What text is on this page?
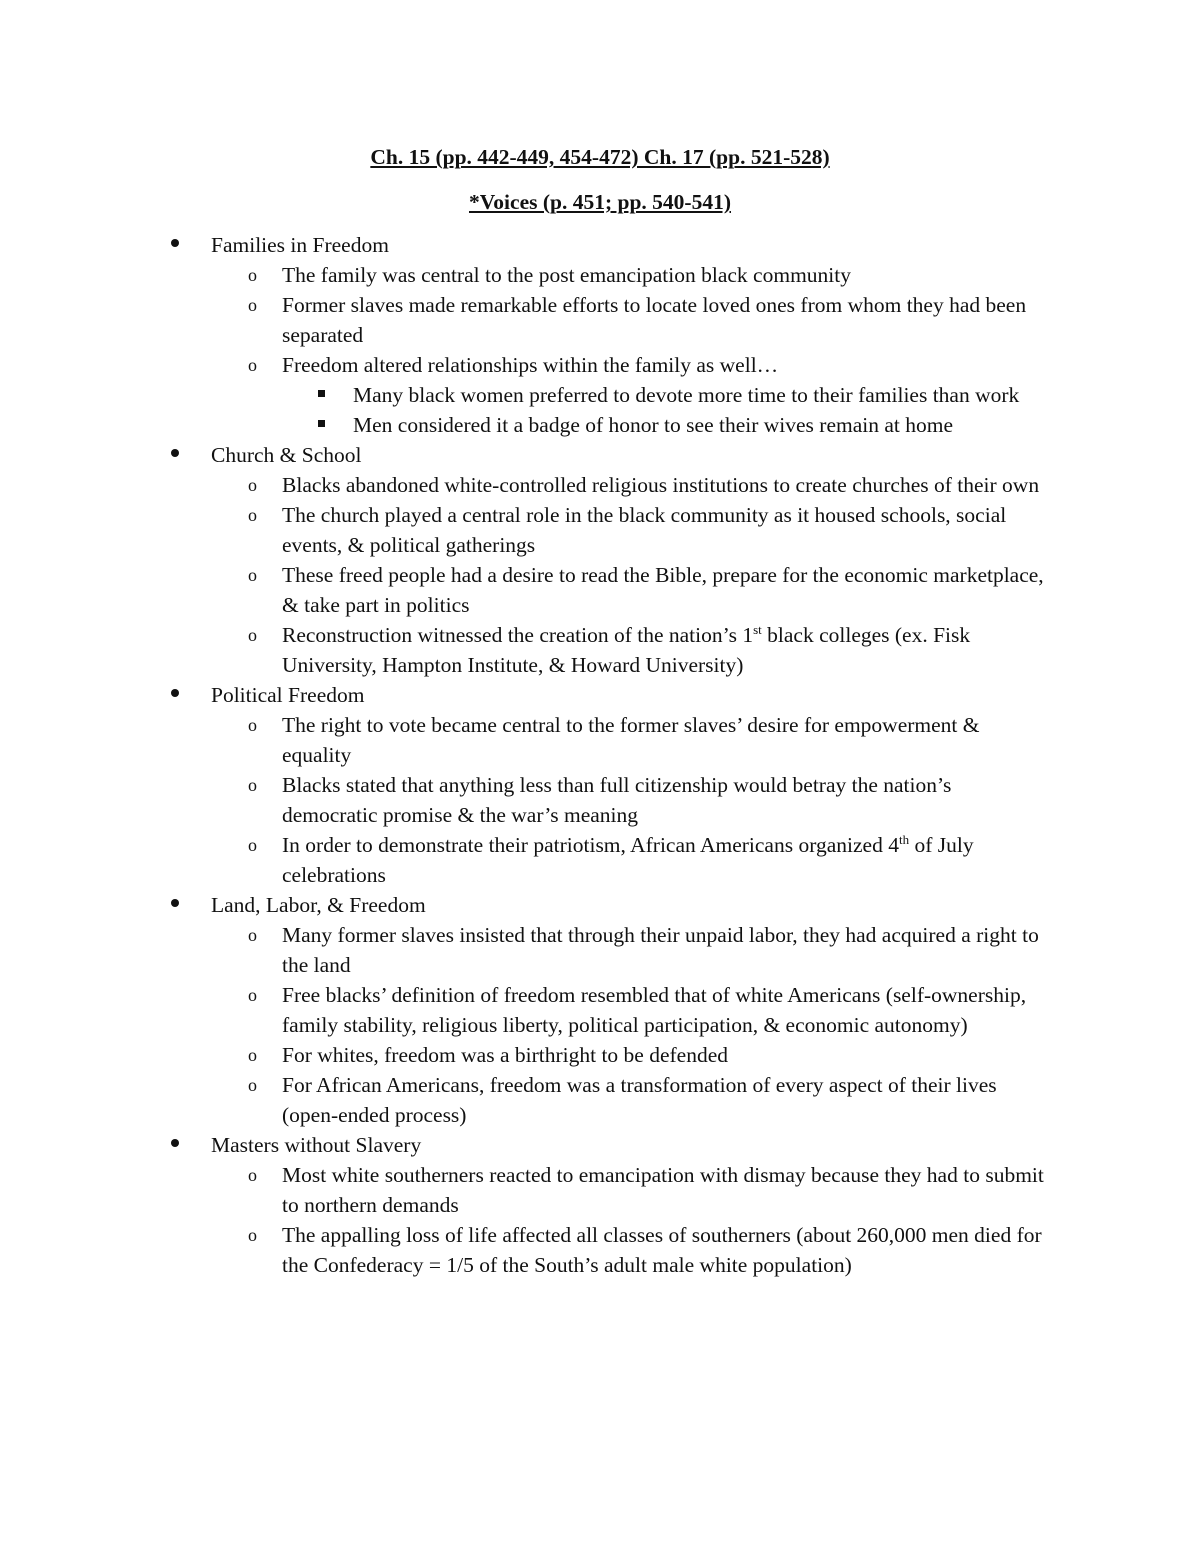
Ch. 15 (pp. 442-449, 454-472) Ch. 17 (pp. 521-528)
*Voices (p. 451; pp. 540-541)
Families in Freedom
o The family was central to the post emancipation black community
o Former slaves made remarkable efforts to locate loved ones from whom they had been separated
o Freedom altered relationships within the family as well…
Many black women preferred to devote more time to their families than work
Men considered it a badge of honor to see their wives remain at home
Church & School
o Blacks abandoned white-controlled religious institutions to create churches of their own
o The church played a central role in the black community as it housed schools, social events, & political gatherings
o These freed people had a desire to read the Bible, prepare for the economic marketplace, & take part in politics
o Reconstruction witnessed the creation of the nation’s 1st black colleges (ex. Fisk University, Hampton Institute, & Howard University)
Political Freedom
o The right to vote became central to the former slaves’ desire for empowerment & equality
o Blacks stated that anything less than full citizenship would betray the nation’s democratic promise & the war’s meaning
o In order to demonstrate their patriotism, African Americans organized 4th of July celebrations
Land, Labor, & Freedom
o Many former slaves insisted that through their unpaid labor, they had acquired a right to the land
o Free blacks’ definition of freedom resembled that of white Americans (self-ownership, family stability, religious liberty, political participation, & economic autonomy)
o For whites, freedom was a birthright to be defended
o For African Americans, freedom was a transformation of every aspect of their lives (open-ended process)
Masters without Slavery
o Most white southerners reacted to emancipation with dismay because they had to submit to northern demands
o The appalling loss of life affected all classes of southerners (about 260,000 men died for the Confederacy = 1/5 of the South’s adult male white population)
